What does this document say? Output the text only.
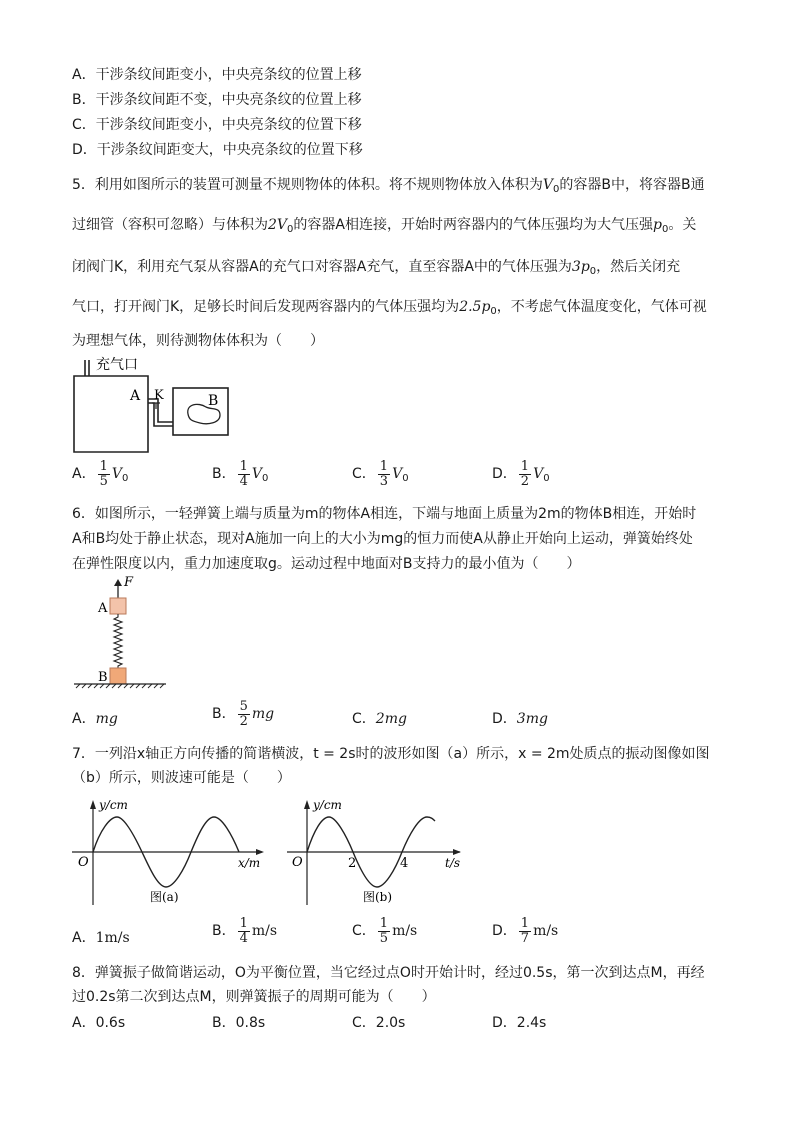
A．干涉条纹间距变小，中央亮条纹的位置上移
B．干涉条纹间距不变，中央亮条纹的位置上移
C．干涉条纹间距变小，中央亮条纹的位置下移
D．干涉条纹间距变大，中央亮条纹的位置下移
5．利用如图所示的装置可测量不规则物体的体积。将不规则物体放入体积为$V_0$的容器B中，将容器B通
过细管（容积可忽略）与体积为$2V_0$的容器A相连接，开始时两容器内的气体压强均为大气压强$p_0$。关
闭阀门K，利用充气泵从容器A的充气口对容器A充气，直至容器A中的气体压强为$3p_0$，然后关闭充
气口，打开阀门K，足够长时间后发现两容器内的气体压强均为$2.5p_0$，不考虑气体温度变化，气体可视
为理想气体，则待测物体体积为（　　）
充气口
A K	B
A． $\frac{1}{5} V_0$	B． $\frac{1}{4} V_0$	C． $\frac{1}{3} V_0$	D． $\frac{1}{2} V_0$
6．如图所示，一轻弹簧上端与质量为m的物体A相连，下端与地面上质量为2m的物体B相连，开始时
A和B均处于静止状态，现对A施加一向上的大小为mg的恒力而使A从静止开始向上运动，弹簧始终处
在弹性限度以内，重力加速度取g。运动过程中地面对B支持力的最小值为（　　）
F
A
B
A．mg	B． $\frac{5}{2}$ mg	C．2mg	D．3mg
7．一列沿x轴正方向传播的简谐横波，t = 2s时的波形如图（a）所示，x = 2m处质点的振动图像如图
（b）所示，则波速可能是（　　）
y/cm
x/m
O
图(a)
y/cm
t/s
O	2	4
图(b)
A．1m/s	B． $\frac{1}{4} m/s$	C． $\frac{1}{5} m/s$	D． $\frac{1}{7} m/s$
8．弹簧振子做简谐运动，O为平衡位置，当它经过点O时开始计时，经过0.5s，第一次到达点M，再经
过0.2s第二次到达点M，则弹簧振子的周期可能为（　　）
A．0.6s	B．0.8s	C．2.0s	D．2.4s
